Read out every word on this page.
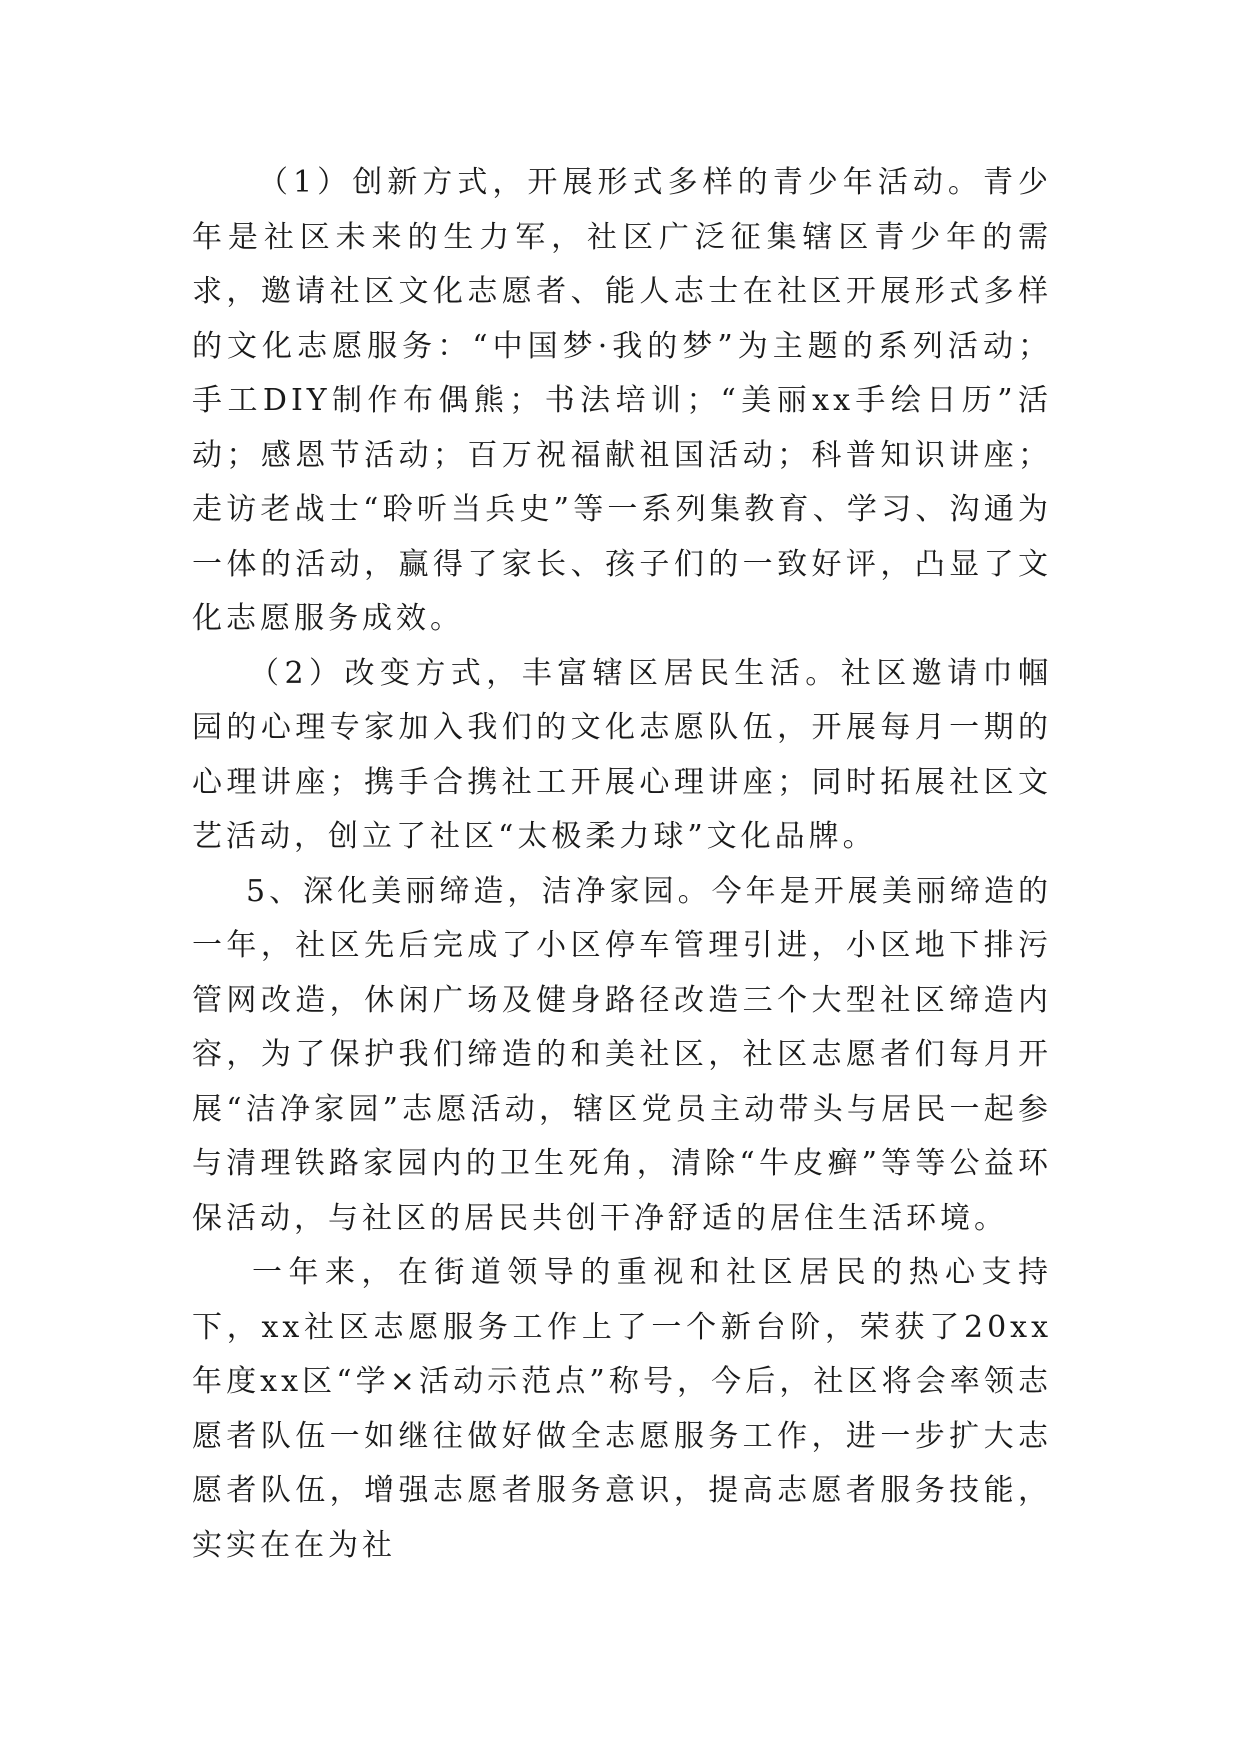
（1）创新方式，开展形式多样的青少年活动。青少年是社区未来的生力军，社区广泛征集辖区青少年的需求，邀请社区文化志愿者、能人志士在社区开展形式多样的文化志愿服务：“中国梦·我的梦”为主题的系列活动；手工DIY制作布偶熊；书法培训；“美丽xx手绘日历”活动；感恩节活动；百万祝福献祖国活动；科普知识讲座；走访老战士“聆听当兵史”等一系列集教育、学习、沟通为一体的活动，赢得了家长、孩子们的一致好评，凸显了文化志愿服务成效。

（2）改变方式，丰富辖区居民生活。社区邀请巾帼园的心理专家加入我们的文化志愿队伍，开展每月一期的心理讲座；携手合携社工开展心理讲座；同时拓展社区文艺活动，创立了社区“太极柔力球”文化品牌。

5、深化美丽缔造，洁净家园。今年是开展美丽缔造的一年，社区先后完成了小区停车管理引进，小区地下排污管网改造，休闲广场及健身路径改造三个大型社区缔造内容，为了保护我们缔造的和美社区，社区志愿者们每月开展“洁净家园”志愿活动，辖区党员主动带头与居民一起参与清理铁路家园内的卫生死角，清除“牛皮癣”等等公益环保活动，与社区的居民共创干净舒适的居住生活环境。

一年来，在街道领导的重视和社区居民的热心支持下，xx社区志愿服务工作上了一个新台阶，荣获了20xx年度xx区“学×活动示范点”称号，今后，社区将会率领志愿者队伍一如继往做好做全志愿服务工作，进一步扩大志愿者队伍，增强志愿者服务意识，提高志愿者服务技能，实实在在为社
